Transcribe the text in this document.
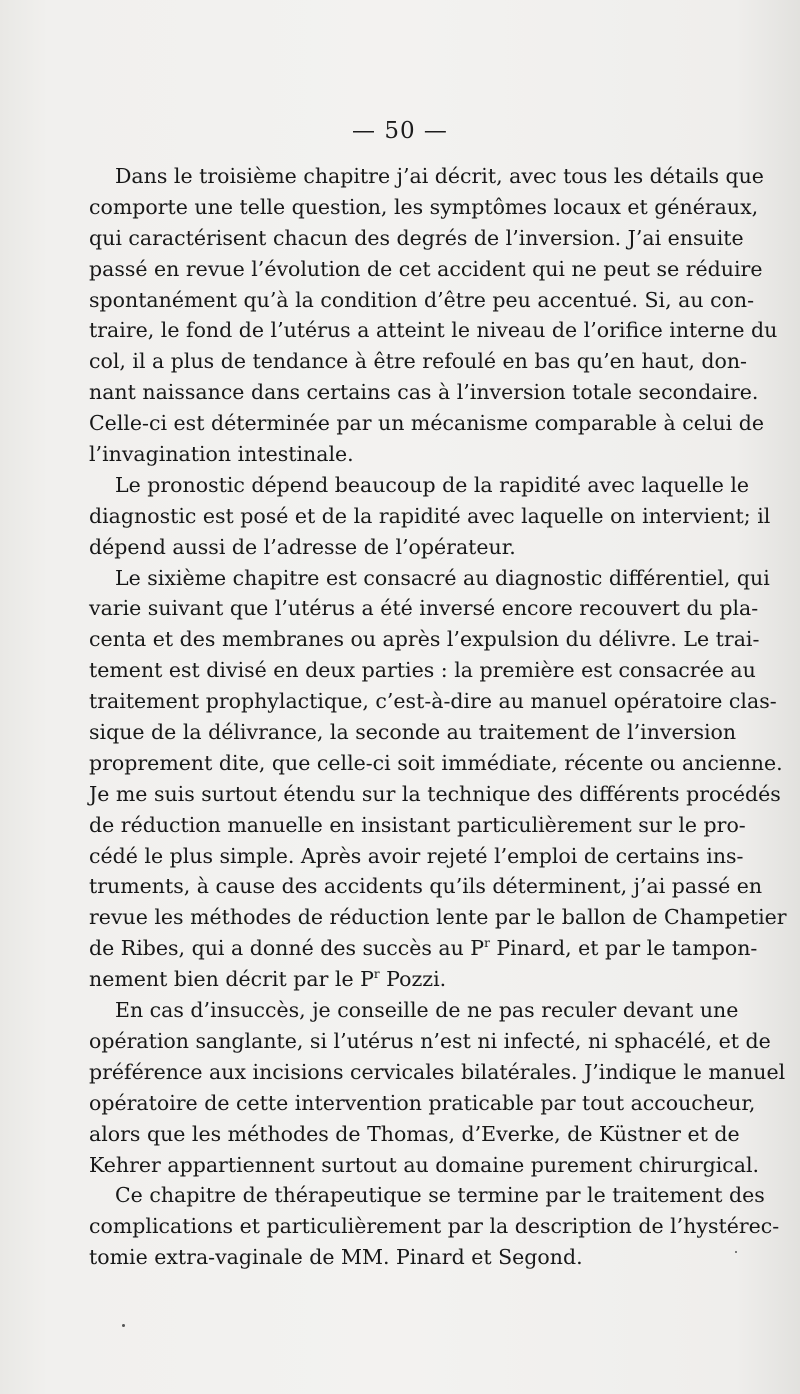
— 50 —
Dans le troisième chapitre j’ai décrit, avec tous les détails que
comporte une telle question, les symptômes locaux et généraux,
qui caractérisent chacun des degrés de l’inversion. J’ai ensuite
passé en revue l’évolution de cet accident qui ne peut se réduire
spontanément qu’à la condition d’être peu accentué. Si, au con-
traire, le fond de l’utérus a atteint le niveau de l’orifice interne du
col, il a plus de tendance à être refoulé en bas qu’en haut, don-
nant naissance dans certains cas à l’inversion totale secondaire.
Celle-ci est déterminée par un mécanisme comparable à celui de
l’invagination intestinale.
Le pronostic dépend beaucoup de la rapidité avec laquelle le
diagnostic est posé et de la rapidité avec laquelle on intervient; il
dépend aussi de l’adresse de l’opérateur.
Le sixième chapitre est consacré au diagnostic différentiel, qui
varie suivant que l’utérus a été inversé encore recouvert du pla-
centa et des membranes ou après l’expulsion du délivre. Le trai-
tement est divisé en deux parties : la première est consacrée au
traitement prophylactique, c’est-à-dire au manuel opératoire clas-
sique de la délivrance, la seconde au traitement de l’inversion
proprement dite, que celle-ci soit immédiate, récente ou ancienne.
Je me suis surtout étendu sur la technique des différents procédés
de réduction manuelle en insistant particulièrement sur le pro-
cédé le plus simple. Après avoir rejeté l’emploi de certains ins-
truments, à cause des accidents qu’ils déterminent, j’ai passé en
revue les méthodes de réduction lente par le ballon de Champetier
de Ribes, qui a donné des succès au $P^r$ Pinard, et par le tampon-
nement bien décrit par le $P^r$ Pozzi.
En cas d’insuccès, je conseille de ne pas reculer devant une
opération sanglante, si l’utérus n’est ni infecté, ni sphacélé, et de
préférence aux incisions cervicales bilatérales. J’indique le manuel
opératoire de cette intervention praticable par tout accoucheur,
alors que les méthodes de Thomas, d’Everke, de Küstner et de
Kehrer appartiennent surtout au domaine purement chirurgical.
Ce chapitre de thérapeutique se termine par le traitement des
complications et particulièrement par la description de l’hystérec-
tomie extra-vaginale de MM. Pinard et Segond.
